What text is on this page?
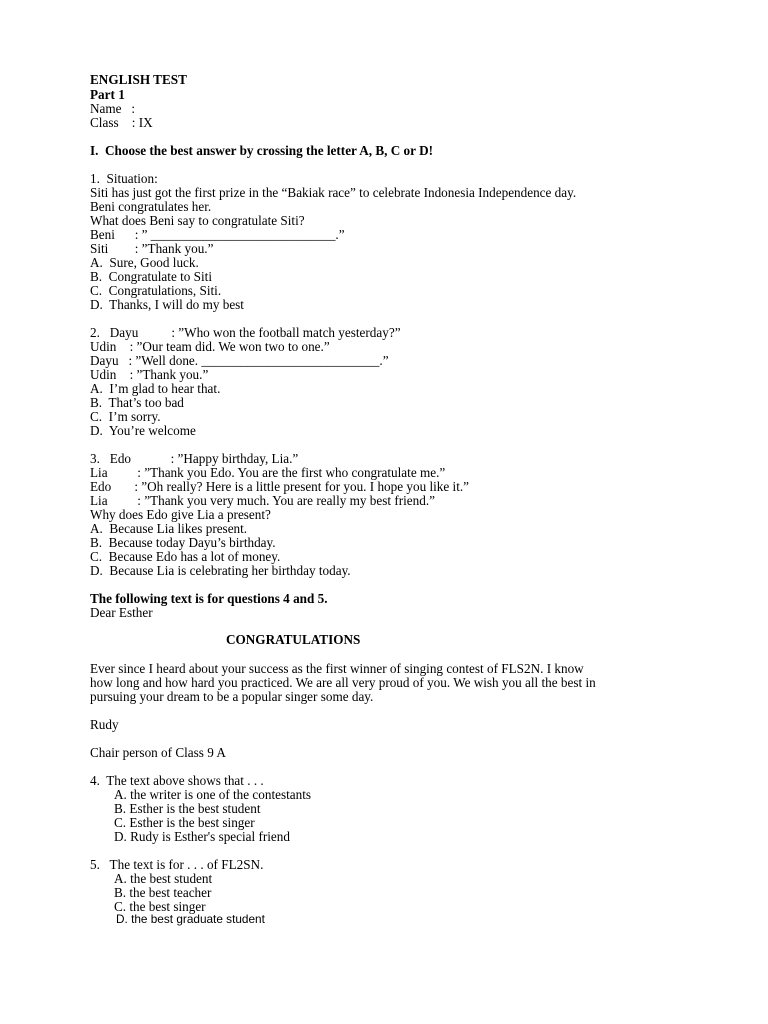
ENGLISH TEST
Part 1
Name   :
Class    : IX
I.  Choose the best answer by crossing the letter A, B, C or D!
1.  Situation:
Siti has just got the first prize in the “Bakiak race” to celebrate Indonesia Independence day.
Beni congratulates her.
What does Beni say to congratulate Siti?
Beni      : ” ____________________________.”
Siti        : ”Thank you.”
A.  Sure, Good luck.
B.  Congratulate to Siti
C.  Congratulations, Siti.
D.  Thanks, I will do my best
2.   Dayu          : ”Who won the football match yesterday?”
Udin    : ”Our team did. We won two to one.”
Dayu   : ”Well done. ___________________________.”
Udin    : ”Thank you.”
A.  I’m glad to hear that.
B.  That’s too bad
C.  I’m sorry.
D.  You’re welcome
3.   Edo            : ”Happy birthday, Lia.”
Lia         : ”Thank you Edo. You are the first who congratulate me.”
Edo       : ”Oh really? Here is a little present for you. I hope you like it.”
Lia         : ”Thank you very much. You are really my best friend.”
Why does Edo give Lia a present?
A.  Because Lia likes present.
B.  Because today Dayu’s birthday.
C.  Because Edo has a lot of money.
D.  Because Lia is celebrating her birthday today.
The following text is for questions 4 and 5.
Dear Esther
CONGRATULATIONS
Ever since I heard about your success as the first winner of singing contest of FLS2N. I know
how long and how hard you practiced. We are all very proud of you. We wish you all the best in
pursuing your dream to be a popular singer some day.
Rudy
Chair person of Class 9 A
4.  The text above shows that . . .
A. the writer is one of the contestants
B. Esther is the best student
C. Esther is the best singer
D. Rudy is Esther's special friend
5.   The text is for . . . of FL2SN.
A. the best student
B. the best teacher
C. the best singer
D. the best graduate student
